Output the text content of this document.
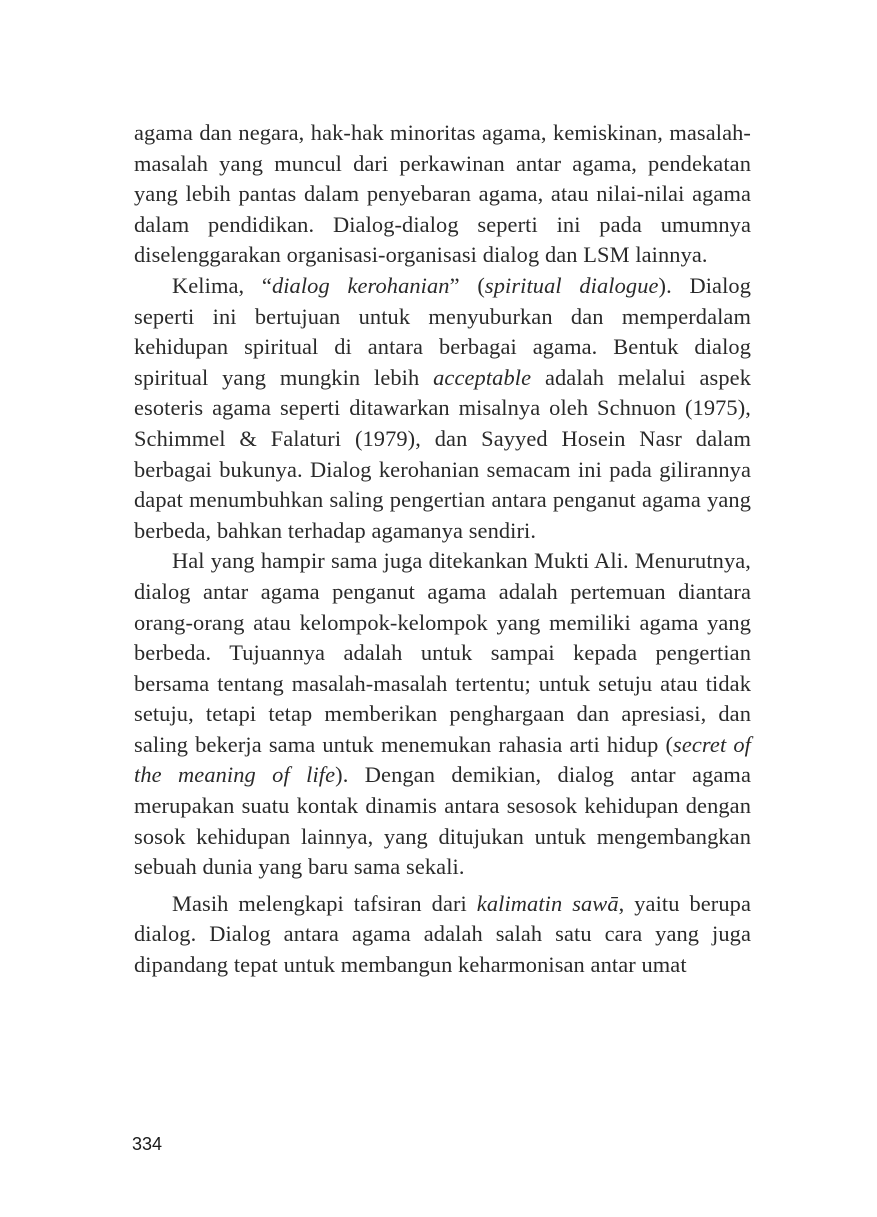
agama dan negara, hak-hak minoritas agama, kemiskinan, masalah-masalah yang muncul dari perkawinan antar agama, pendekatan yang lebih pantas dalam penyebaran agama, atau nilai-nilai agama dalam pendidikan. Dialog-dialog seperti ini pada umumnya diselenggarakan organisasi-organisasi dialog dan LSM lainnya.

Kelima, “dialog kerohanian” (spiritual dialogue). Dialog seperti ini bertujuan untuk menyuburkan dan memperdalam kehidupan spiritual di antara berbagai agama. Bentuk dialog spiritual yang mungkin lebih acceptable adalah melalui aspek esoteris agama seperti ditawarkan misalnya oleh Schnuon (1975), Schimmel & Falaturi (1979), dan Sayyed Hosein Nasr dalam berbagai bukunya. Dialog kerohanian semacam ini pada gilirannya dapat menumbuhkan saling pengertian antara penganut agama yang berbeda, bahkan terhadap agamanya sendiri.

Hal yang hampir sama juga ditekankan Mukti Ali. Menurutnya, dialog antar agama penganut agama adalah pertemuan diantara orang-orang atau kelompok-kelompok yang memiliki agama yang berbeda. Tujuannya adalah untuk sampai kepada pengertian bersama tentang masalah-masalah tertentu; untuk setuju atau tidak setuju, tetapi tetap memberikan penghargaan dan apresiasi, dan saling bekerja sama untuk menemukan rahasia arti hidup (secret of the meaning of life). Dengan demikian, dialog antar agama merupakan suatu kontak dinamis antara sesosok kehidupan dengan sosok kehidupan lainnya, yang ditujukan untuk mengembangkan sebuah dunia yang baru sama sekali.

Masih melengkapi tafsiran dari kalimatin sawā, yaitu berupa dialog. Dialog antara agama adalah salah satu cara yang juga dipandang tepat untuk membangun keharmonisan antar umat

334
